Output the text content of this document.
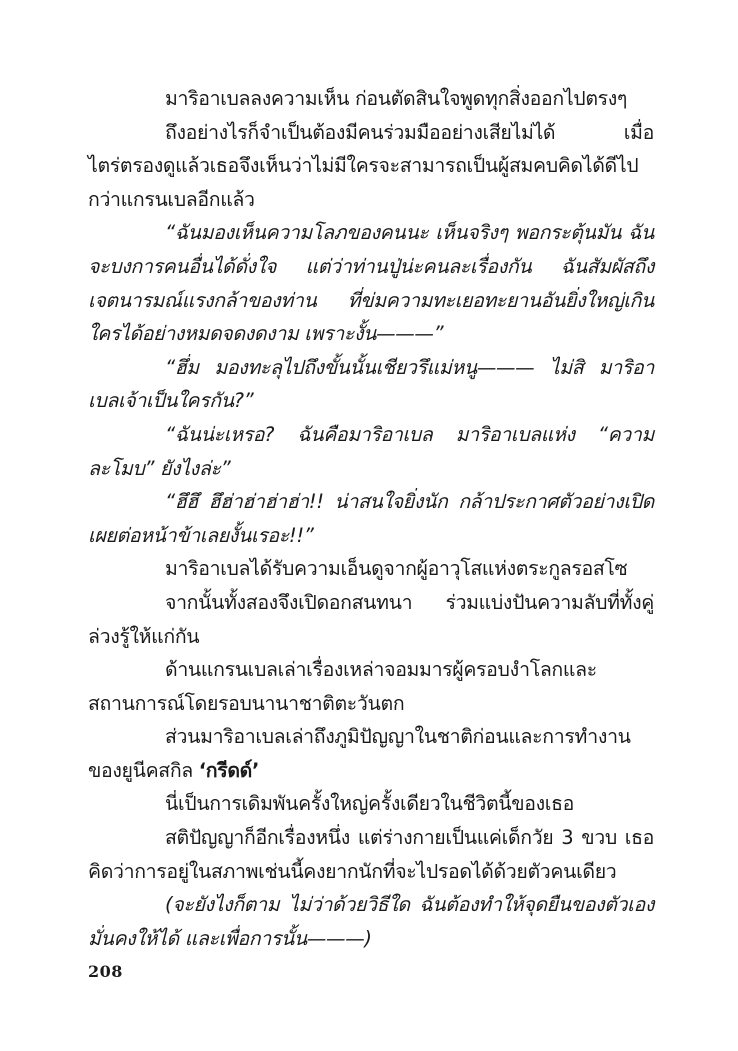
มาริอาเบลลงความเห็น ก่อนตัดสินใจพูดทุกสิ่งออกไปตรงๆ

ถึงอย่างไรก็จำเป็นต้องมีคนร่วมมืออย่างเสียไม่ได้ เมื่อไตร่ตรองดูแล้วเธอจึงเห็นว่าไม่มีใครจะสามารถเป็นผู้สมคบคิดได้ดีไปกว่าแกรนเบลอีกแล้ว

“ฉันมองเห็นความโลภของคนนะ เห็นจริงๆ พอกระตุ้นมัน ฉันจะบงการคนอื่นได้ดั่งใจ แต่ว่าท่านปู่น่ะคนละเรื่องกัน ฉันสัมผัสถึงเจตนารมณ์แรงกล้าของท่าน ที่ข่มความทะเยอทะยานอันยิ่งใหญ่เกินใครได้อย่างหมดจดงดงาม เพราะงั้น———”

“ฮึ่ม มองทะลุไปถึงขั้นนั้นเชียวรึแม่หนู——— ไม่สิ มาริอาเบลเจ้าเป็นใครกัน?”

“ฉันน่ะเหรอ? ฉันคือมาริอาเบล มาริอาเบลแห่ง “ความละโมบ” ยังไงล่ะ”

“ฮึฮึ ฮึฮ่าฮ่าฮ่าฮ่า!! น่าสนใจยิ่งนัก กล้าประกาศตัวอย่างเปิดเผยต่อหน้าข้าเลยงั้นเรอะ!!”

มาริอาเบลได้รับความเอ็นดูจากผู้อาวุโสแห่งตระกูลรอสโซ

จากนั้นทั้งสองจึงเปิดอกสนทนา ร่วมแบ่งปันความลับที่ทั้งคู่ล่วงรู้ให้แก่กัน

ด้านแกรนเบลเล่าเรื่องเหล่าจอมมารผู้ครอบงำโลกและสถานการณ์โดยรอบนานาชาติตะวันตก

ส่วนมาริอาเบลเล่าถึงภูมิปัญญาในชาติก่อนและการทำงานของยูนีคสกิล ‘กรีดด์’

นี่เป็นการเดิมพันครั้งใหญ่ครั้งเดียวในชีวิตนี้ของเธอ

สติปัญญาก็อีกเรื่องหนึ่ง แต่ร่างกายเป็นแค่เด็กวัย 3 ขวบ เธอคิดว่าการอยู่ในสภาพเช่นนี้คงยากนักที่จะไปรอดได้ด้วยตัวคนเดียว

(จะยังไงก็ตาม ไม่ว่าด้วยวิธีใด ฉันต้องทำให้จุดยืนของตัวเองมั่นคงให้ได้ และเพื่อการนั้น———)

208
